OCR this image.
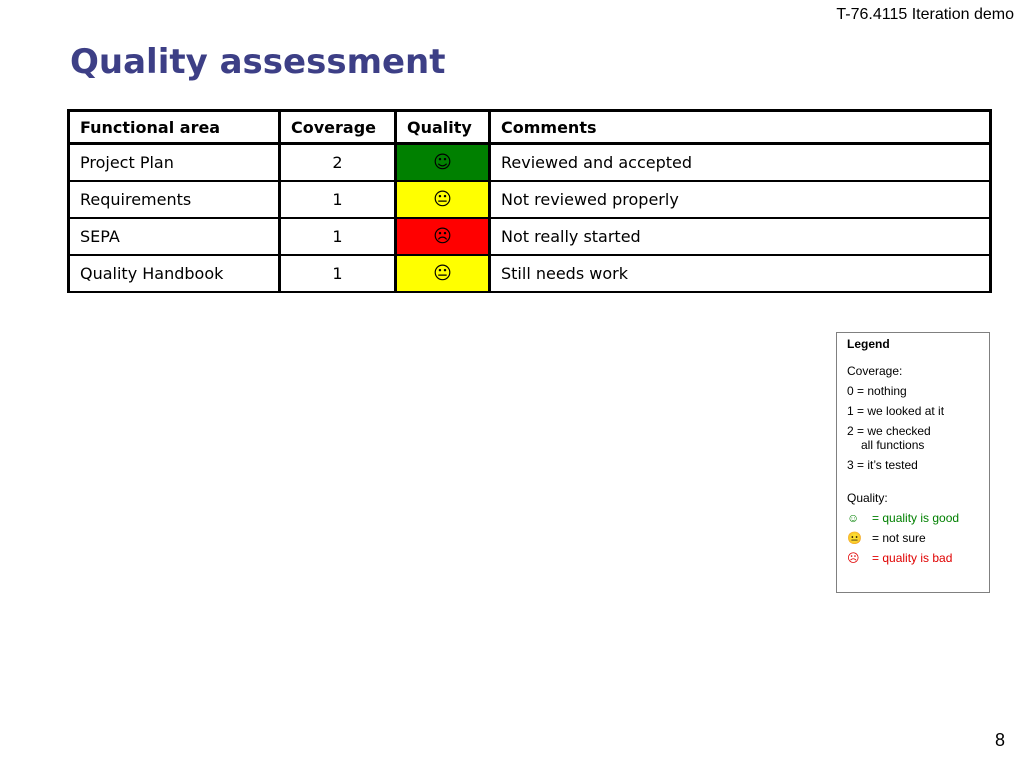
T-76.4115 Iteration demo
Quality assessment
Functional area	Coverage	Quality	Comments
Project Plan	2	☺	Reviewed and accepted
Requirements	1	😐	Not reviewed properly
SEPA	1	☹	Not really started
Quality Handbook	1	😐	Still needs work
Legend
Coverage:
0 = nothing
1 = we looked at it
2 = we checked
all functions
3 = it’s tested
Quality:
☺	= quality is good
😐 = not sure
☹	= quality is bad
8
